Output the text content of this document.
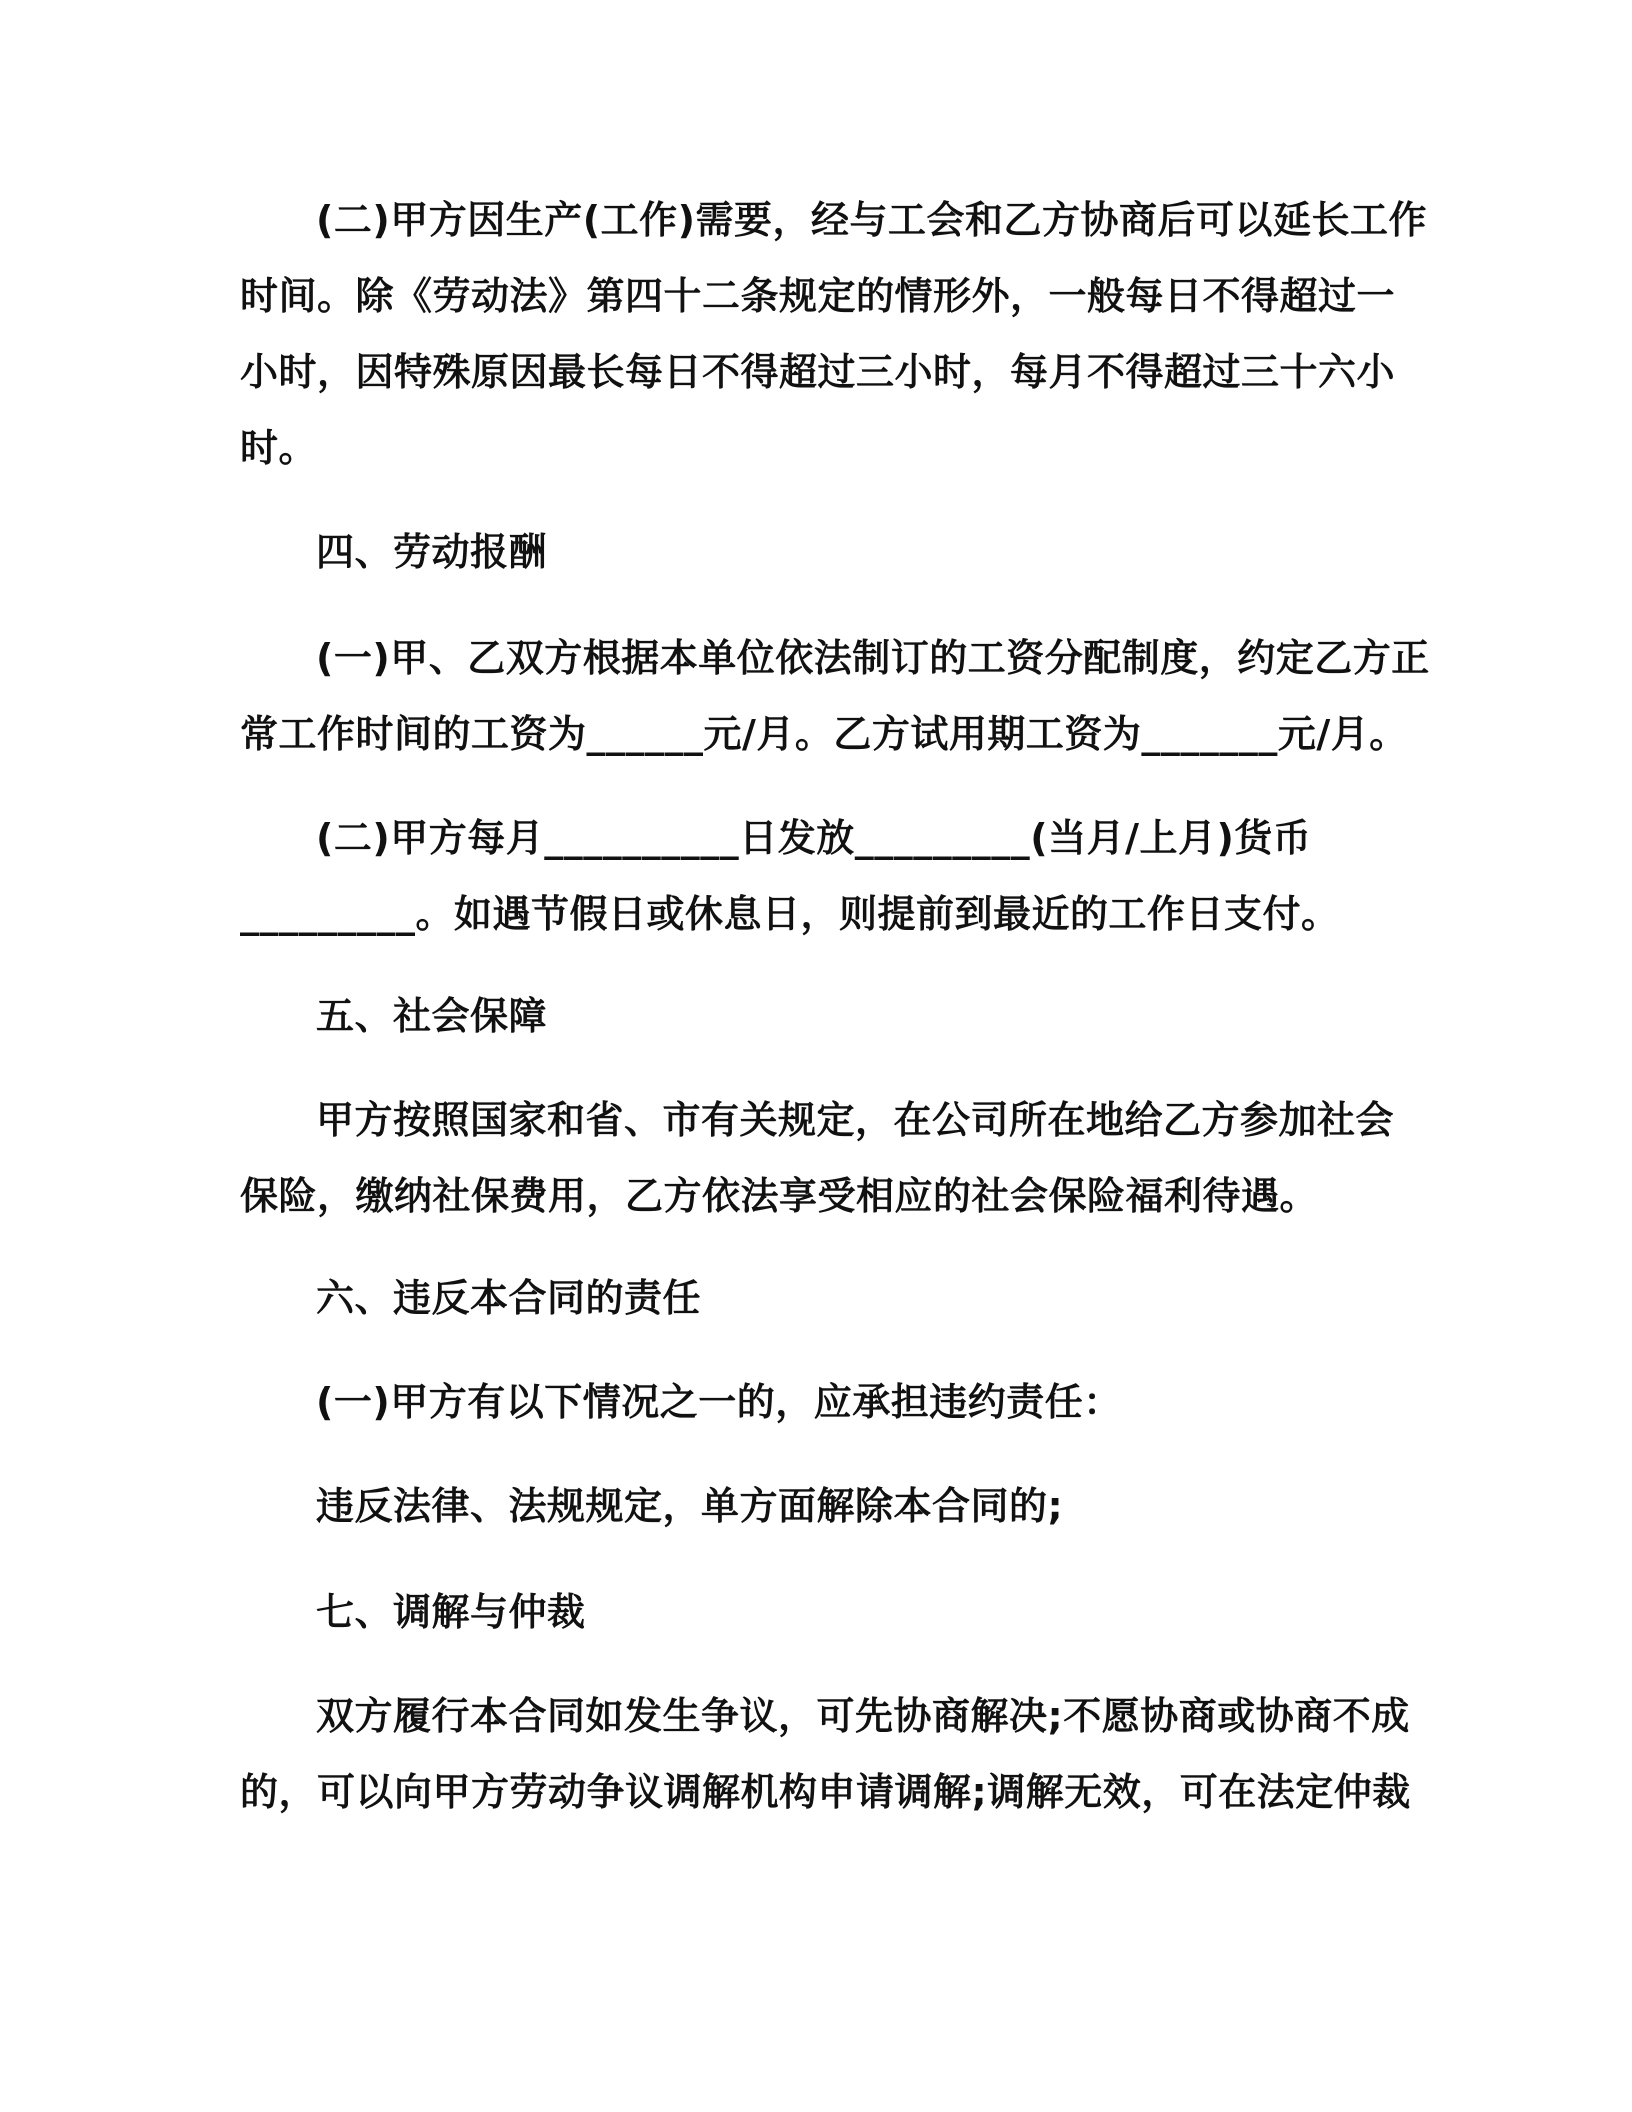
(二)甲方因生产(工作)需要，经与工会和乙方协商后可以延长工作
时间。除《劳动法》第四十二条规定的情形外，一般每日不得超过一
小时，因特殊原因最长每日不得超过三小时，每月不得超过三十六小
时。
四、劳动报酬
(一)甲、乙双方根据本单位依法制订的工资分配制度，约定乙方正
常工作时间的工资为______元/月。乙方试用期工资为_______元/月。
(二)甲方每月__________日发放_________(当月/上月)货币
_________。如遇节假日或休息日，则提前到最近的工作日支付。
五、社会保障
甲方按照国家和省、市有关规定，在公司所在地给乙方参加社会
保险，缴纳社保费用，乙方依法享受相应的社会保险福利待遇。
六、违反本合同的责任
(一)甲方有以下情况之一的，应承担违约责任：
违反法律、法规规定，单方面解除本合同的;
七、调解与仲裁
双方履行本合同如发生争议，可先协商解决;不愿协商或协商不成
的，可以向甲方劳动争议调解机构申请调解;调解无效，可在法定仲裁
